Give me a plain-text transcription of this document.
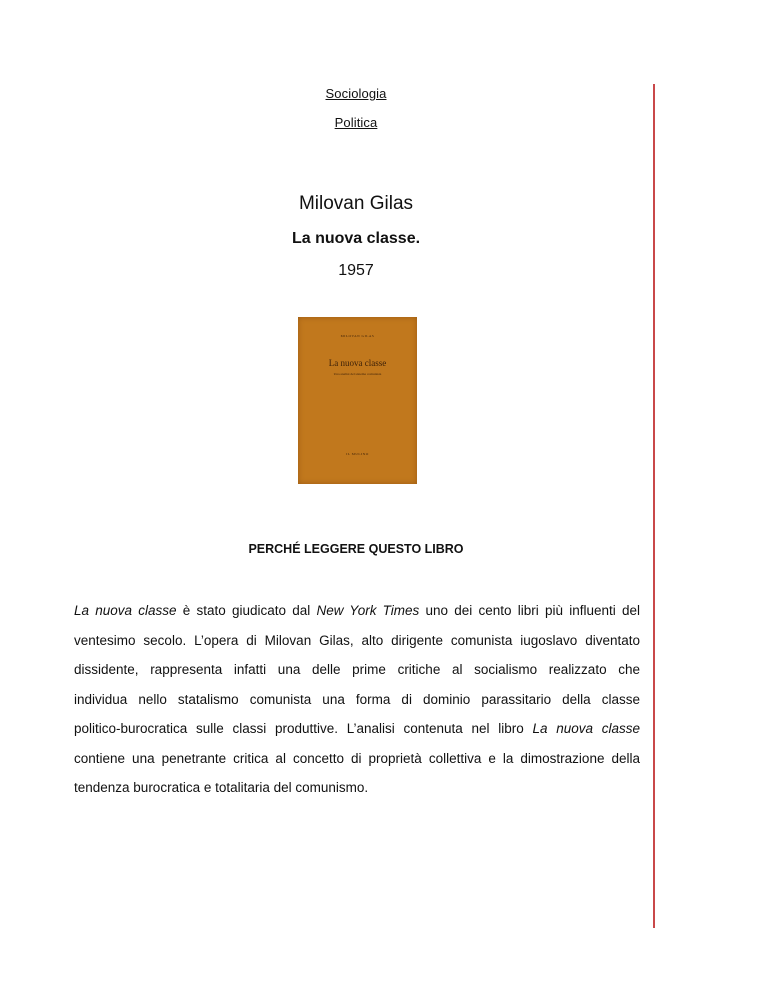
Sociologia
Politica
Milovan Gilas
La nuova classe.
1957
MILOVAN GILAS
La nuova classe
Una analisi del sistema comunista
IL MULINO
PERCHÉ LEGGERE QUESTO LIBRO
La nuova classe è stato giudicato dal New York Times uno dei cento libri più influenti del
ventesimo secolo. L’opera di Milovan Gilas, alto dirigente comunista iugoslavo diventato
dissidente, rappresenta infatti una delle prime critiche al socialismo realizzato che
individua nello statalismo comunista una forma di dominio parassitario della classe
politico-burocratica sulle classi produttive. L’analisi contenuta nel libro La nuova classe
contiene una penetrante critica al concetto di proprietà collettiva e la dimostrazione della
tendenza burocratica e totalitaria del comunismo.
